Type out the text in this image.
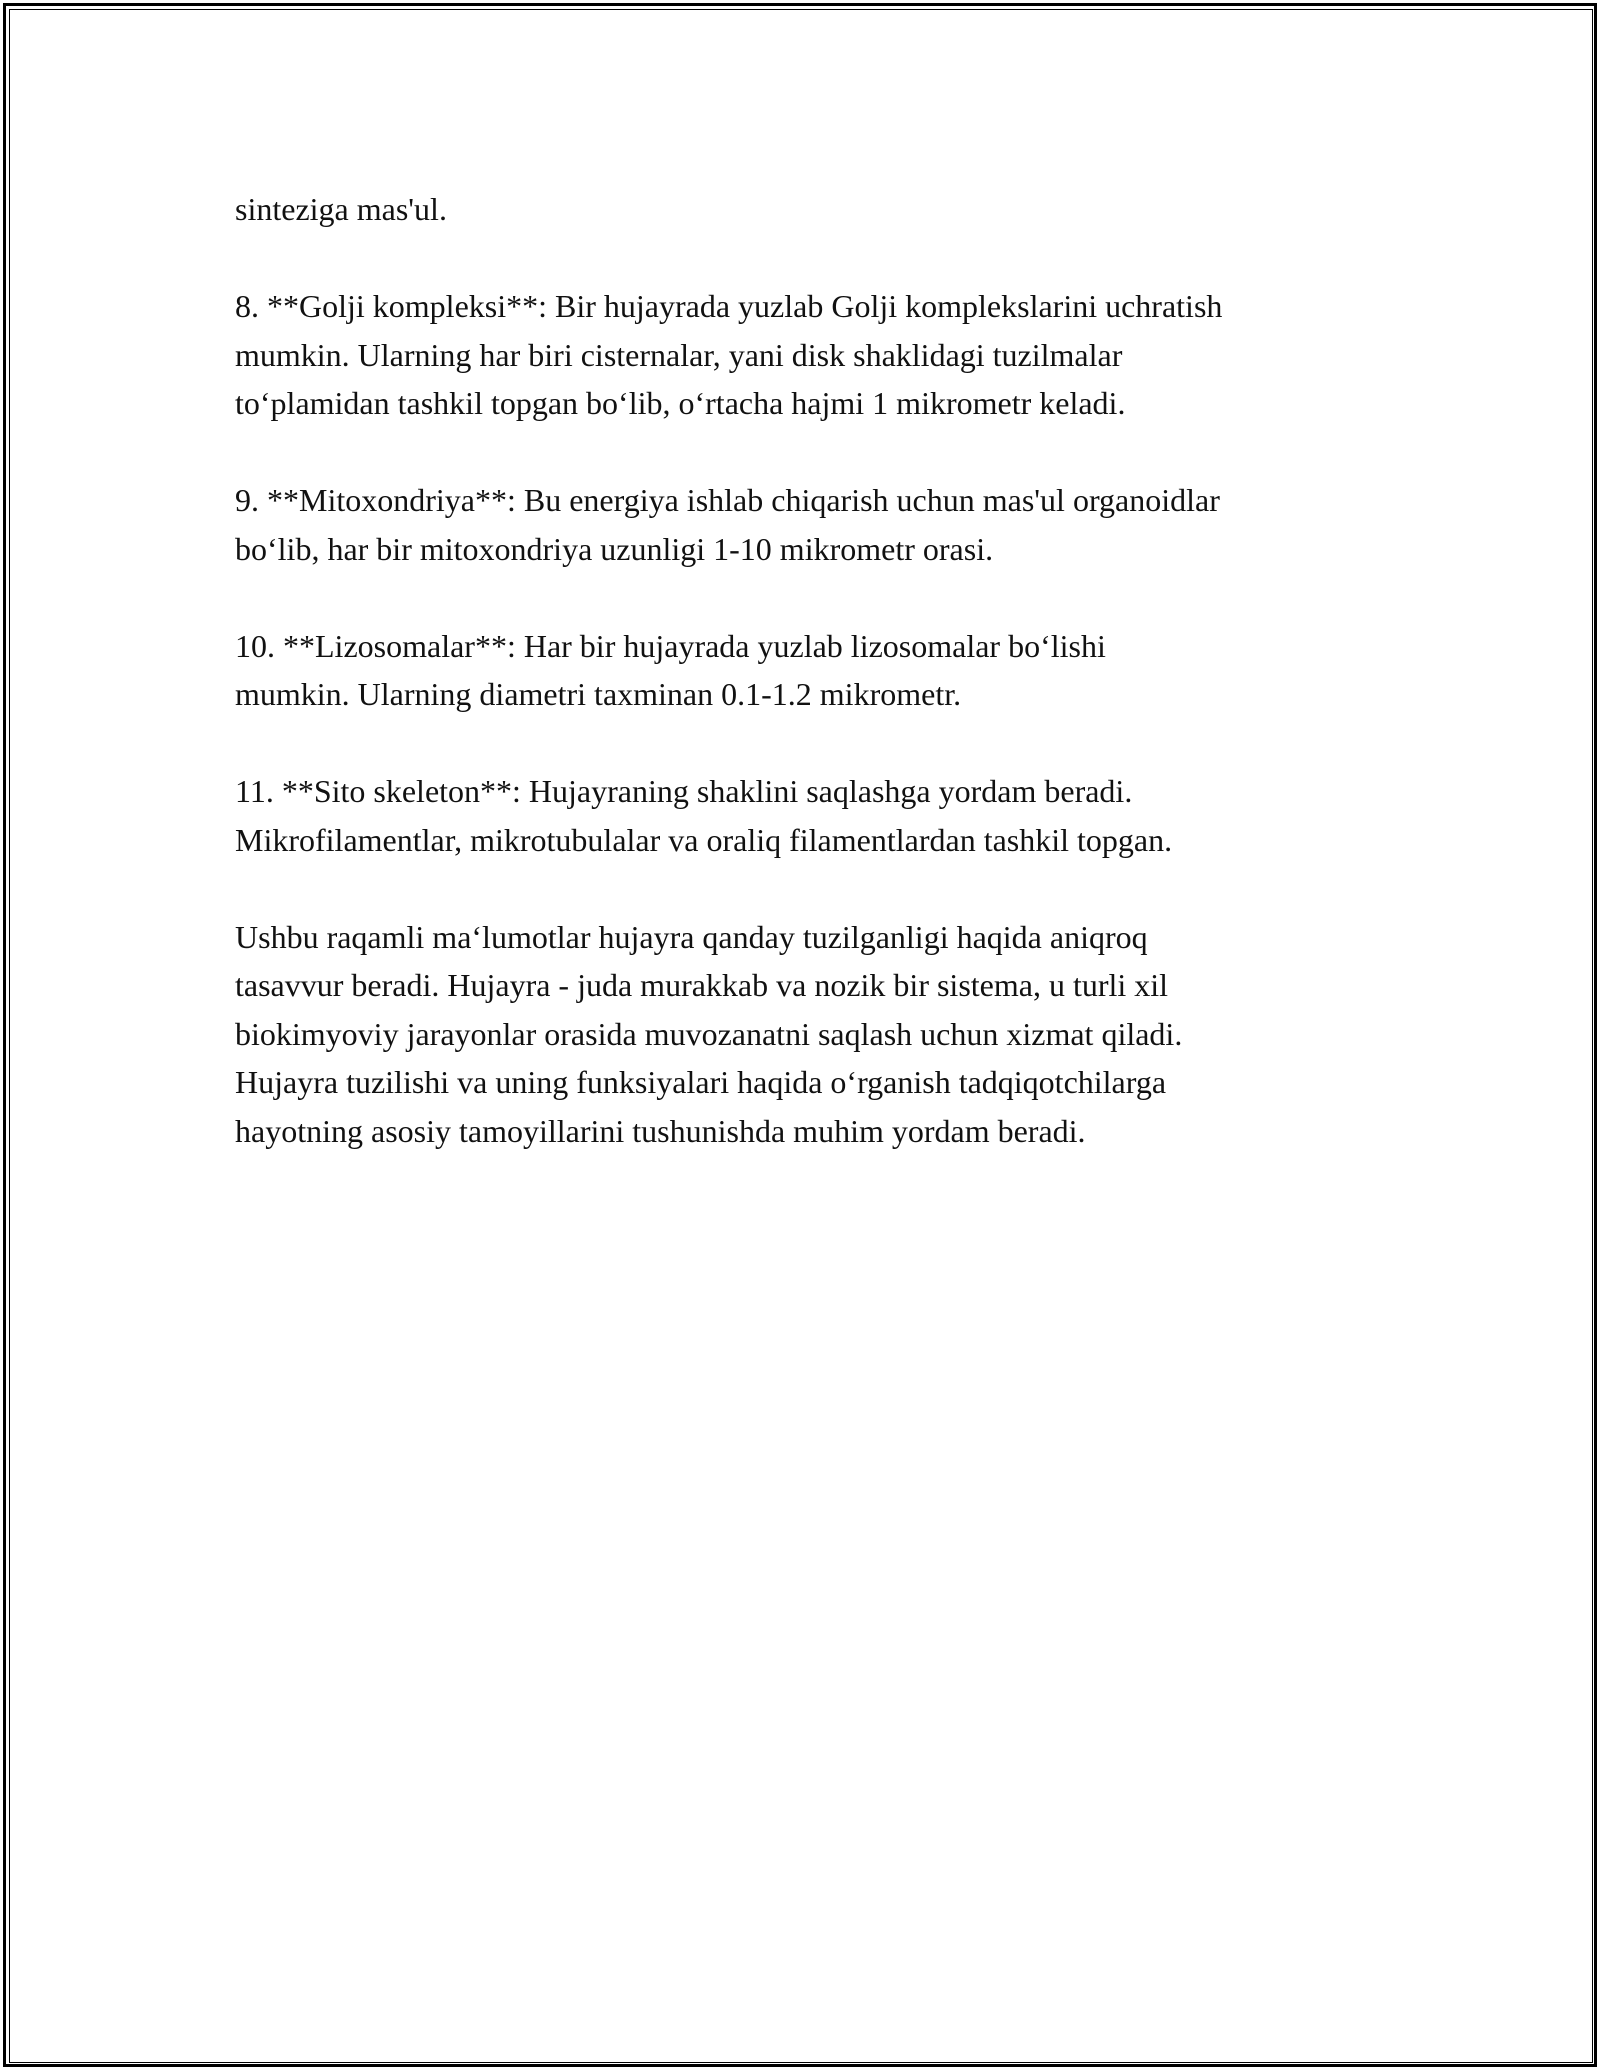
sinteziga mas'ul.

8. **Golji kompleksi**: Bir hujayrada yuzlab Golji komplekslarini uchratish
mumkin. Ularning har biri cisternalar, yani disk shaklidagi tuzilmalar
to‘plamidan tashkil topgan bo‘lib, o‘rtacha hajmi 1 mikrometr keladi.

9. **Mitoxondriya**: Bu energiya ishlab chiqarish uchun mas'ul organoidlar
bo‘lib, har bir mitoxondriya uzunligi 1-10 mikrometr orasi.

10. **Lizosomalar**: Har bir hujayrada yuzlab lizosomalar bo‘lishi
mumkin. Ularning diametri taxminan 0.1-1.2 mikrometr.

11. **Sito skeleton**: Hujayraning shaklini saqlashga yordam beradi.
Mikrofilamentlar, mikrotubulalar va oraliq filamentlardan tashkil topgan.

Ushbu raqamli ma‘lumotlar hujayra qanday tuzilganligi haqida aniqroq
tasavvur beradi. Hujayra - juda murakkab va nozik bir sistema, u turli xil
biokimyoviy jarayonlar orasida muvozanatni saqlash uchun xizmat qiladi.
Hujayra tuzilishi va uning funksiyalari haqida o‘rganish tadqiqotchilarga
hayotning asosiy tamoyillarini tushunishda muhim yordam beradi.
